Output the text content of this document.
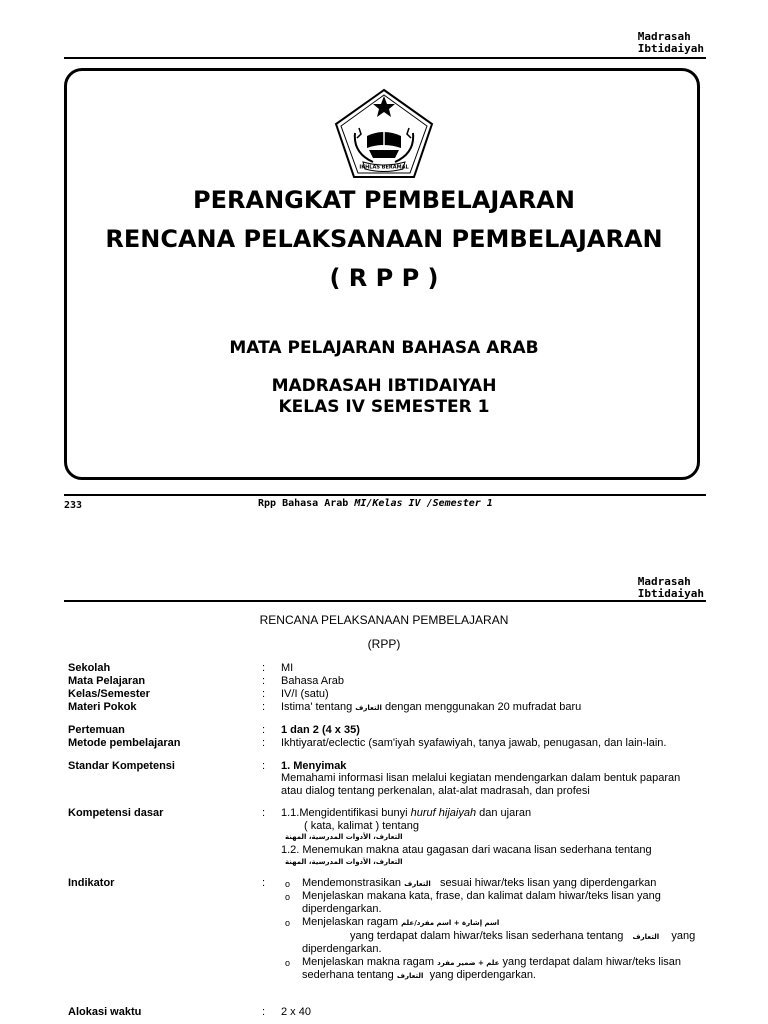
Madrasah
Ibtidaiyah
IKHLAS BERAMAL
PERANGKAT PEMBELAJARAN
RENCANA PELAKSANAAN PEMBELAJARAN
( R P P )
MATA PELAJARAN BAHASA ARAB
MADRASAH IBTIDAIYAH
KELAS IV SEMESTER 1
233	Rpp Bahasa Arab MI/Kelas IV /Semester 1
Madrasah
Ibtidaiyah
RENCANA PELAKSANAAN PEMBELAJARAN
(RPP)
Sekolah	: MI
Mata Pelajaran	: Bahasa Arab
Kelas/Semester	: IV/I (satu)
Materi Pokok	: Istima' tentang التعارف dengan menggunakan 20 mufradat baru
Pertemuan	: 1 dan 2 (4 x 35)
Metode pembelajaran	: Ikhtiyarat/eclectic (sam'iyah syafawiyah, tanya jawab, penugasan, dan lain-lain.
Standar Kompetensi	: 1. Menyimak
Memahami informasi lisan melalui kegiatan mendengarkan dalam bentuk paparan
atau dialog tentang perkenalan, alat-alat madrasah, dan profesi
Kompetensi dasar	: 1.1.Mengidentifikasi bunyi huruf hijaiyah dan ujaran
( kata, kalimat ) tentang
التعارف، الأدوات المدرسية، المهنة
1.2. Menemukan makna atau gagasan dari wacana lisan sederhana tentang
التعارف، الأدوات المدرسية، المهنة
Indikator	: o Mendemonstrasikan التعارف sesuai hiwar/teks lisan yang diperdengarkan
o Menjelaskan makana kata, frase, dan kalimat dalam hiwar/teks lisan yang
diperdengarkan.
o Menjelaskan ragam اسم إشارة + اسم مفرد/علم
yang terdapat dalam hiwar/teks lisan sederhana tentang التعارف yang
diperdengarkan.
o Menjelaskan makna ragam علم + ضمير مفرد yang terdapat dalam hiwar/teks lisan
sederhana tentang التعارف yang diperdengarkan.
Alokasi waktu	: 2 x 40
